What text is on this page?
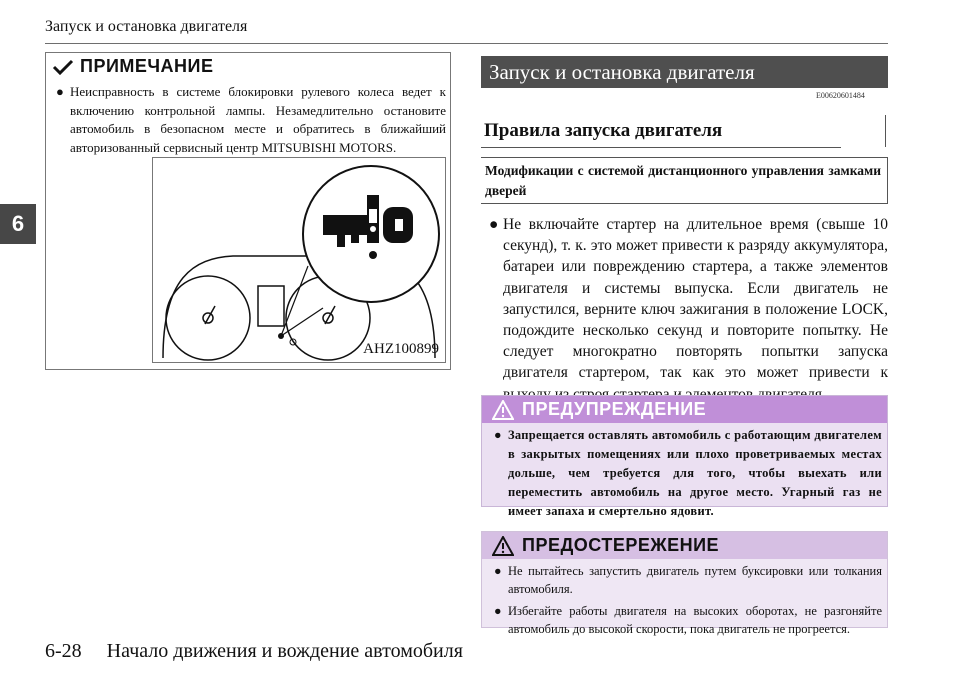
Запуск и остановка двигателя
6
ПРИМЕЧАНИЕ
● Неисправность в системе блокировки рулевого колеса ведет к включению контрольной лампы. Незамедлительно остановите автомобиль в безопасном месте и обратитесь в ближайший авторизованный сервисный центр MITSUBISHI MOTORS.
AHZ100899
Запуск и остановка двигателя
E00620601484
Правила запуска двигателя
Модификации с системой дистанционного управления замками дверей
● Не включайте стартер на длительное время (свыше 10 секунд), т. к. это может привести к разряду аккумулятора, батареи или повреждению стартера, а также элементов двигателя и системы выпуска. Если двигатель не запустился, верните ключ зажигания в положение LOCK, подождите несколько секунд и повторите попытку. Не следует многократно повторять попытки запуска двигателя стартером, так как это может привести к
ПРЕДУПРЕЖДЕНИЕ
● Запрещается оставлять автомобиль с работающим двигателем в закрытых помещениях или плохо проветриваемых местах дольше, чем требуется для того, чтобы выехать или переместить автомобиль на другое место. Угарный газ не имеет запаха и смертельно ядовит.
ПРЕДОСТЕРЕЖЕНИЕ
● Не пытайтесь запустить двигатель путем буксировки или толкания автомобиля.
● Избегайте работы двигателя на высоких оборотах, не разгоняйте автомобиль до высокой скорости, пока двигатель не прогреется.
6-28 Начало движения и вождение автомобиля
